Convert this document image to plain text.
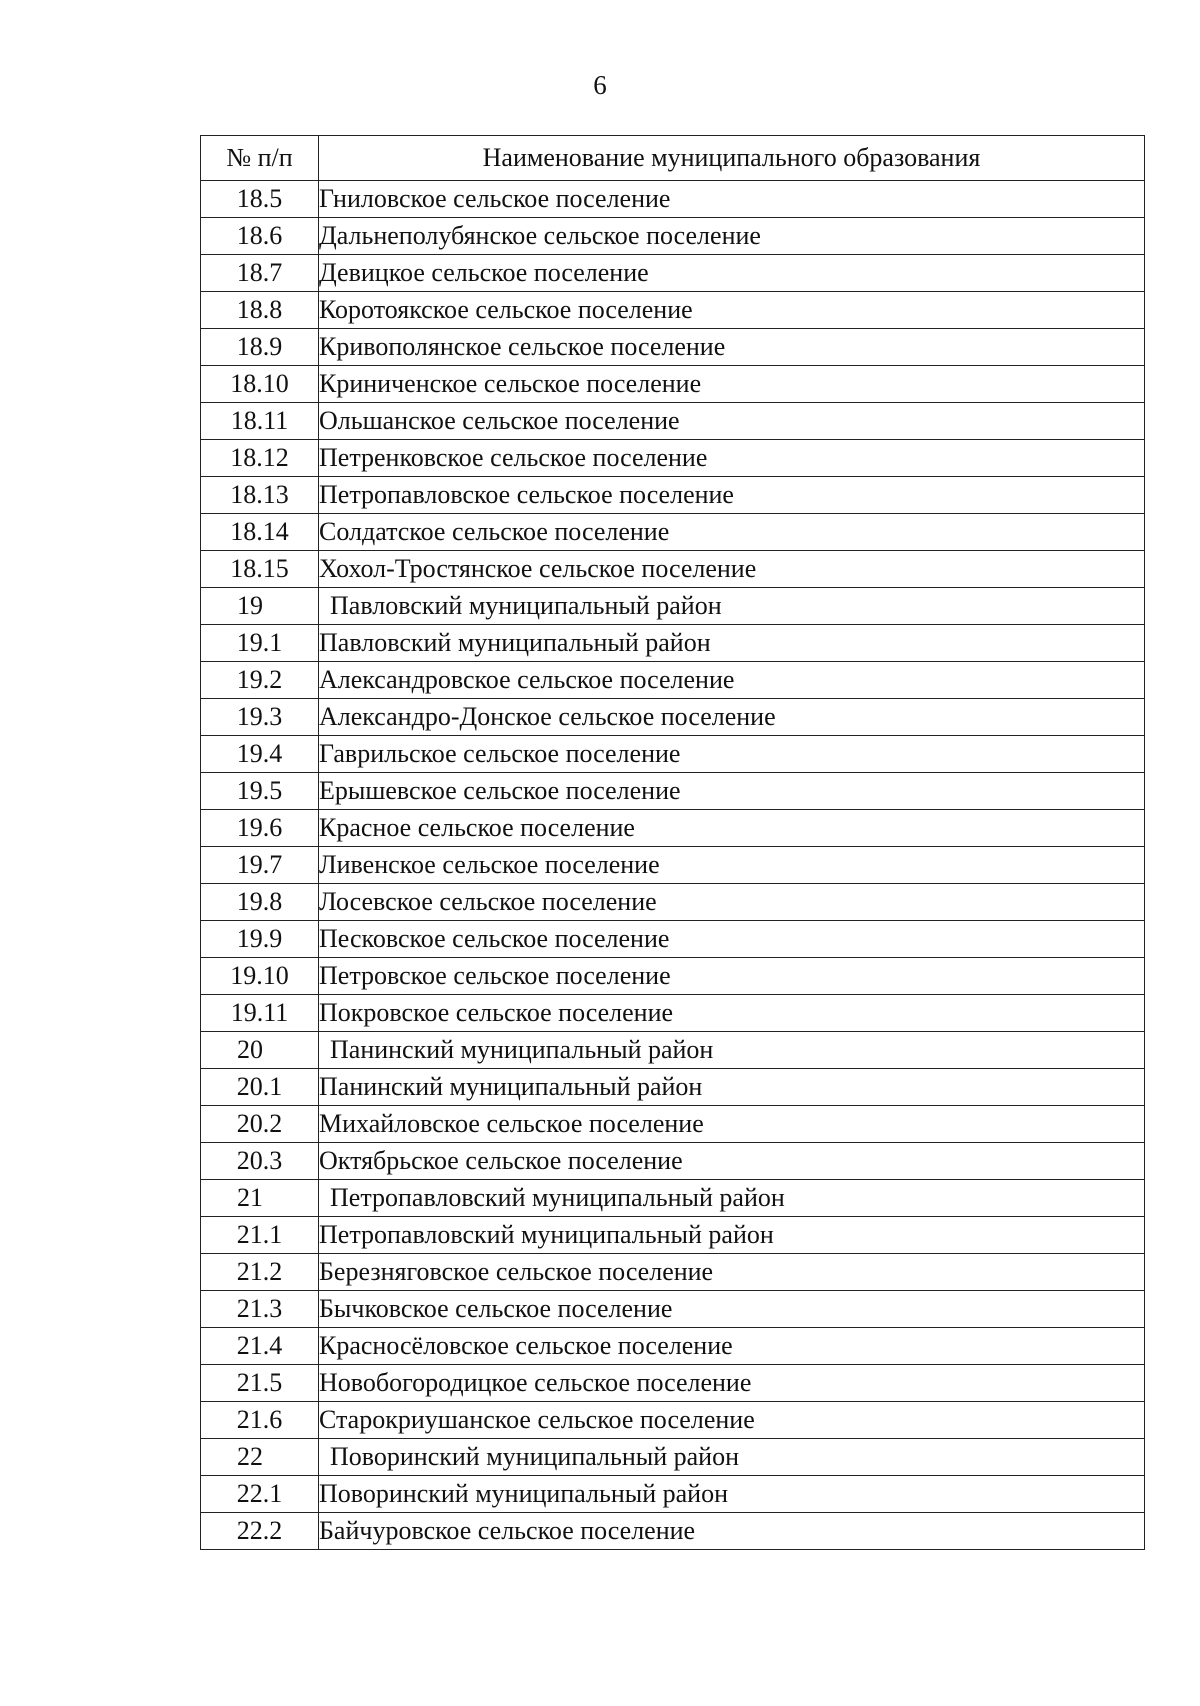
6
№ п/п	Наименование муниципального образования
18.5	Гниловское сельское поселение
18.6	Дальнеполубянское сельское поселение
18.7	Девицкое сельское поселение
18.8	Коротоякское сельское поселение
18.9	Кривополянское сельское поселение
18.10	Криниченское сельское поселение
18.11	Ольшанское сельское поселение
18.12	Петренковское сельское поселение
18.13	Петропавловское сельское поселение
18.14	Солдатское сельское поселение
18.15	Хохол-Тростянское сельское поселение
19	Павловский муниципальный район
19.1	Павловский муниципальный район
19.2	Александровское сельское поселение
19.3	Александро-Донское сельское поселение
19.4	Гаврильское сельское поселение
19.5	Ерышевское сельское поселение
19.6	Красное сельское поселение
19.7	Ливенское сельское поселение
19.8	Лосевское сельское поселение
19.9	Песковское сельское поселение
19.10	Петровское сельское поселение
19.11	Покровское сельское поселение
20	Панинский муниципальный район
20.1	Панинский муниципальный район
20.2	Михайловское сельское поселение
20.3	Октябрьское сельское поселение
21	Петропавловский муниципальный район
21.1	Петропавловский муниципальный район
21.2	Березняговское сельское поселение
21.3	Бычковское сельское поселение
21.4	Красносёловское сельское поселение
21.5	Новобогородицкое сельское поселение
21.6	Старокриушанское сельское поселение
22	Поворинский муниципальный район
22.1	Поворинский муниципальный район
22.2	Байчуровское сельское поселение
